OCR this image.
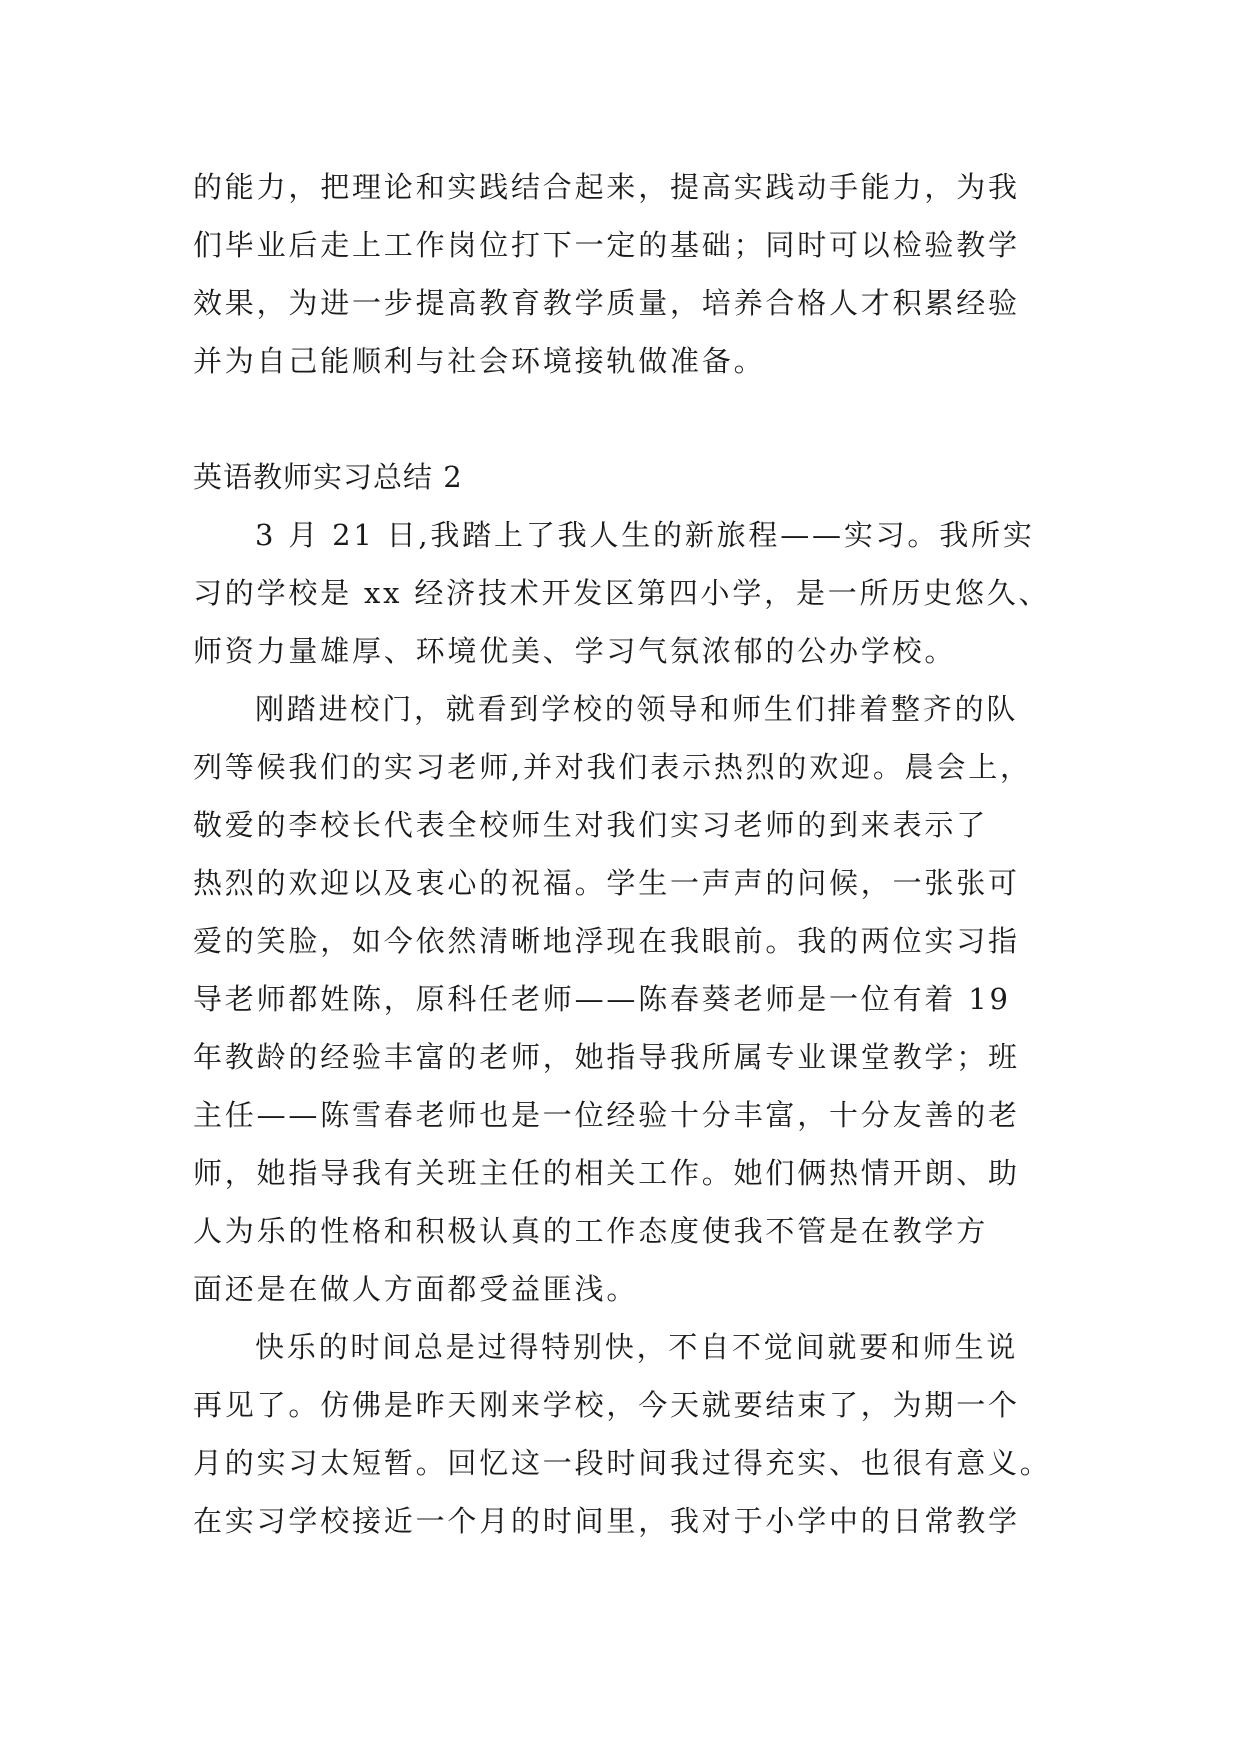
的能力，把理论和实践结合起来，提高实践动手能力，为我
们毕业后走上工作岗位打下一定的基础；同时可以检验教学
效果，为进一步提高教育教学质量，培养合格人才积累经验
并为自己能顺利与社会环境接轨做准备。
英语教师实习总结 2
3 月 21 日,我踏上了我人生的新旅程——实习。我所实
习的学校是 xx 经济技术开发区第四小学，是一所历史悠久、
师资力量雄厚、环境优美、学习气氛浓郁的公办学校。
刚踏进校门，就看到学校的领导和师生们排着整齐的队
列等候我们的实习老师,并对我们表示热烈的欢迎。晨会上，
敬爱的李校长代表全校师生对我们实习老师的到来表示了
热烈的欢迎以及衷心的祝福。学生一声声的问候，一张张可
爱的笑脸，如今依然清晰地浮现在我眼前。我的两位实习指
导老师都姓陈，原科任老师——陈春葵老师是一位有着 19
年教龄的经验丰富的老师，她指导我所属专业课堂教学；班
主任——陈雪春老师也是一位经验十分丰富，十分友善的老
师，她指导我有关班主任的相关工作。她们俩热情开朗、助
人为乐的性格和积极认真的工作态度使我不管是在教学方
面还是在做人方面都受益匪浅。
快乐的时间总是过得特别快，不自不觉间就要和师生说
再见了。仿佛是昨天刚来学校，今天就要结束了，为期一个
月的实习太短暂。回忆这一段时间我过得充实、也很有意义。
在实习学校接近一个月的时间里，我对于小学中的日常教学
